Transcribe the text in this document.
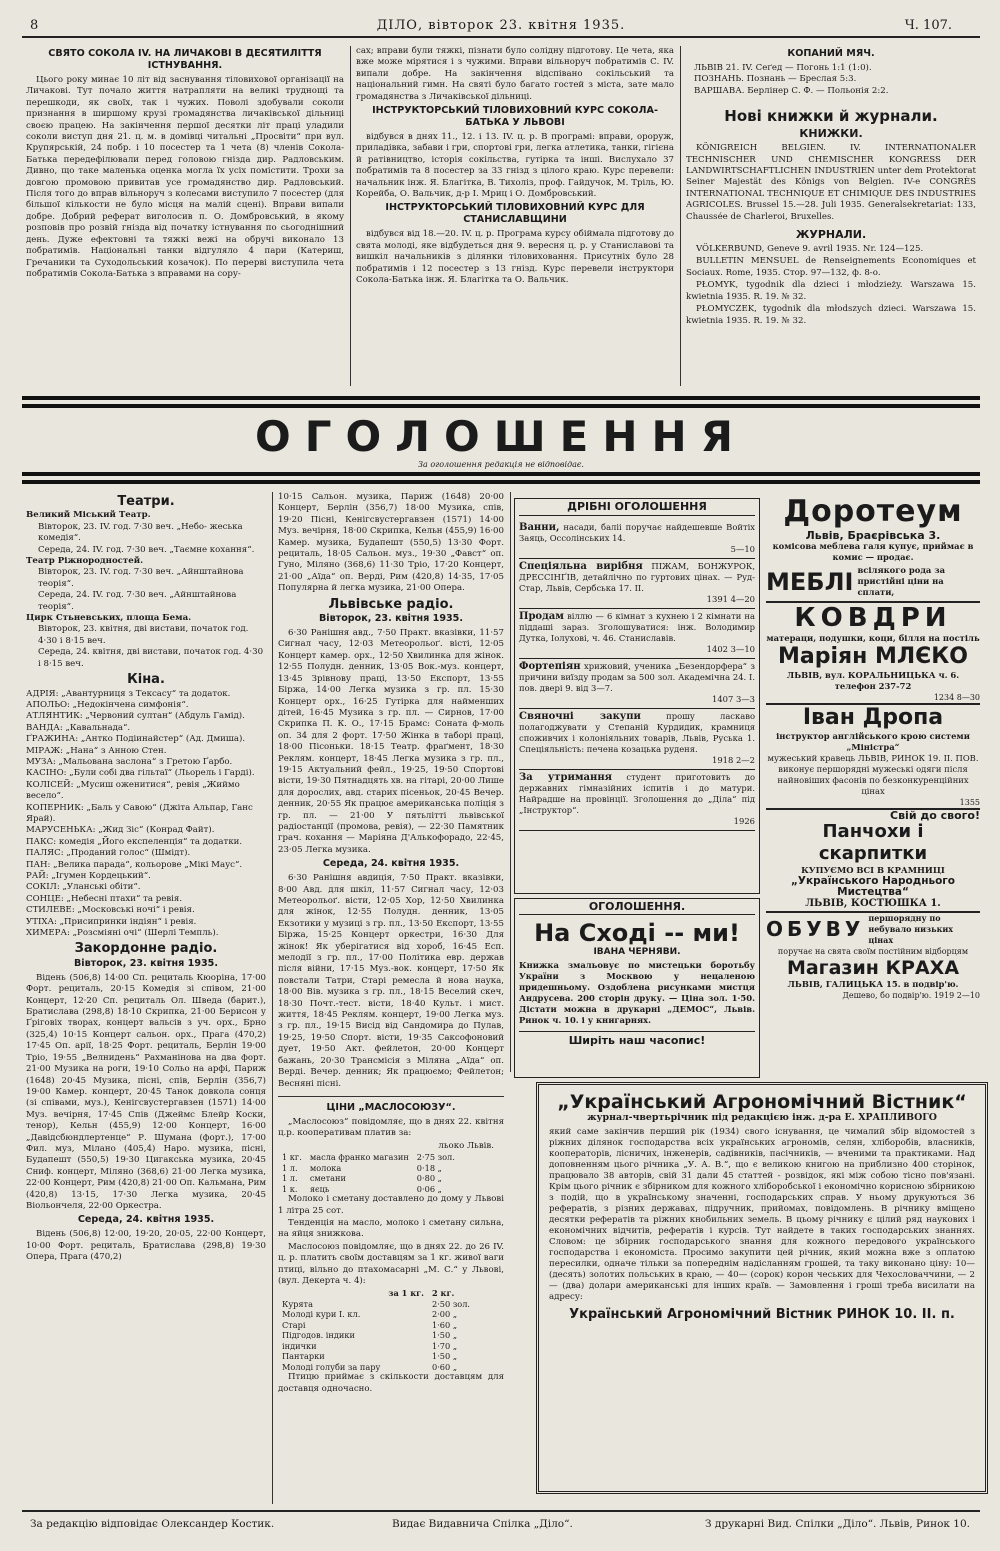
8	ДІЛО, вівторок 23. квітня 1935.	Ч. 107.
СВЯТО СОКОЛА IV. НА ЛИЧАКОВІ В ДЕСЯТИЛІТТЯ ІСТНУВАННЯ.

Цього року минає 10 літ від заснування тіловихової організації на Личакові. Тут почало життя натрапляти на великі труднощі та перешкоди, як своїх, так і чужих. Поволі здобували соколи признання в ширшому крузі громадянства личаківської дільниці своєю працею. На закінчення першої десятки літ праці уладили соколи виступ дня 21. ц. м. в домівці читальні „Просвіти“ при вул. Крупярській, 24 побр. і 10 посестер та 1 чета (8) членів Сокола-Батька передефілювали перед головою гнізда дир. Радловським. Дивно, що таке маленька оценка могла їх усіх помістити. Трохи за довгою промовою привитав усе громадянство дир. Радловський. Після того до вправ вільноруч з колесами виступило 7 посестер (для більшої кількости не було місця на малій сцені). Вправи випали добре. Добрий реферат виголосив п. О. Домбровський, в якому розповів про розвій гнізда від початку істнування по сьогоднішний день. Дуже ефектовні та тяжкі вежі на обручі виконало 13 побратимів. Національні танки відгуляло 4 пари (Катериш, Гречаники та Суходольський козачок). По перерві виступила чета побратимів Сокола-Батька з вправами на сору-

сах; вправи були тяжкі, пізнати було солідну підготову. Це чета, яка вже може мірятися і з чужими. Вправи вільноруч побратимів С. IV. випали добре. На закінчення відспівано сокільський та національний гимн. На святі було багато гостей з міста, зате мало громадянства з Личаківської дільниці.

ІНСТРУКТОРСЬКИЙ ТІЛОВИХОВНИЙ КУРС СОКОЛА-БАТЬКА У ЛЬВОВІ

відбувся в днях 11., 12. і 13. IV. ц. р. В програмі: вправи, ороруж, приладівка, забави і гри, спортові гри, легка атлетика, танки, гігієна й ратівництво, історія сокільства, гутірка та інші. Вислухало 37 побратимів та 8 посестер за 33 гнізд з цілого краю. Курс перевели: начальник інж. Я. Благітка, В. Тихоліз, проф. Гайдучок, М. Тріль, Ю. Корейба, О. Вальчик, д-р І. Мриц і О. Домбровський.

ІНСТРУКТОРСЬКИЙ ТІЛОВИХОВНИЙ КУРС ДЛЯ СТАНИСЛАВЩИНИ

відбувся від 18.—20. IV. ц. р. Програма курсу обіймала підготову до свята молоді, яке відбудеться дня 9. вересня ц. р. у Станиславові та вишкіл начальників з ділянки тіловиховання. Присутніх було 28 побратимів і 12 посестер з 13 гнізд. Курс перевели інструктори Сокола-Батька інж. Я. Благітка та О. Вальчик.

КОПАНИЙ МЯЧ.
ЛЬВІВ 21. IV. Сеґед — Погонь 1:1 (1:0).
ПОЗНАНЬ. Познань — Бреслая 5:3.
ВАРШАВА. Берлінер С. Ф. — Польонія 2:2.
Нові книжки й журнали.
КНИЖКИ.

KÖNIGREICH BELGIEN. IV. INTERNATIONALER TECHNISCHER UND CHEMISCHER KONGRESS DER LANDWIRTSCHAFTLICHEN INDUSTRIEN unter dem Protektorat Seiner Majestät des Königs von Belgien. IV-e CONGRÈS INTERNATIONAL TECHNIQUE ET CHIMIQUE DES INDUSTRIES AGRICOLES. Brussel 15.—28. Juli 1935. Generalsekretariat: 133, Chaussée de Charleroi, Bruxelles.

ЖУРНАЛИ.

VÖLKERBUND, Geneve 9. avril 1935. Nr. 124—125.

BULLETIN MENSUEL de Renseignements Economiques et Sociaux. Rome, 1935. Стор. 97—132, ф. 8-о.

PŁOMYK, tygodnik dla dzieci i młodzieży. Warszawa 15. kwietnia 1935. R. 19. № 32.

PŁOMYCZEK, tygodnik dla młodszych dzieci. Warszawa 15. kwietnia 1935. R. 19. № 32.

ОГОЛОШЕННЯ
За оголошення редакція не відповідає.
Театри.
Великий Міський Театр.
Вівторок, 23. IV. год. 7·30 веч. „Небо- жеська комедія“.
Середа, 24. IV. год. 7·30 веч. „Таємне кохання“.
Театр Ріжнородностей.
Вівторок, 23. IV. год. 7·30 веч. „Айнштайнова теорія“.
Середа, 24. IV. год. 7·30 веч. „Айнштайнова теорія“.
Цирк Стьневських, площа Бема.
Вівторок, 23. квітня, дві вистави, початок год. 4·30 і 8·15 веч.
Середа, 24. квітня, дві вистави, початок год. 4·30 і 8·15 веч.
Кіна.
АДРІЯ: „Авантурниця з Тексасу“ та додаток.
АПОЛЬО: „Недокінчена симфонія“.
АТЛЯНТИК: „Червоний султан“ (Абдуль Гамід).
ВАНДА: „Кавальнада“.
ҐРАЖИНА: „Антко Подіинайстер“ (Ад. Дмиша).
МІРАЖ: „Нана“ з Анною Стен.
МУЗА: „Мальована заслона“ з Гретою Ґарбо.
КАСІНО: „Були собі два гільтаї“ (Льорель і Гарді).
КОЛІСЕЙ: „Мусиш оженитися“, ревія „Жиймо весело“.
КОПЕРНИК: „Баль у Савою“ (Джіта Альпар, Ганс Ярай).
МАРУСЕНЬКА: „Жид Зіс“ (Конрад Файт).
ПАКС: комедія „Його експеленція“ та додатки.
ПАЛЯС: „Проданий голос“ (Шмідт).
ПАН: „Велика парада“, кольорове „Мікі Маус“.
РАЙ: „Ігумен Кордецький“.
СОКІЛ: „Уланські обіти“.
СОНЦЕ: „Небесні птахи“ та ревія.
СТИЛЕВЕ: „Московські ночі“ і ревія.
УТІХА: „Присипринки індіян“ і ревія.
ХИМЕРА: „Розсміяні очі“ (Шерлі Темпль).
Закордонне радіо.
Вівторок, 23. квітня 1935.

Відень (506,8) 14·00 Сп. рециталь Кюоріна, 17·00 Форт. рециталь, 20·15 Комедія зі співом, 21·00 Концерт, 12·20 Сп. рециталь Ол. Шведа (барит.), Братислава (298,8) 18·10 Скрипка, 21·00 Берисон у Ґріговіх творах, концерт вальсів з уч. орх., Брно (325,4) 10·15 Концерт сальон. орх., Прага (470,2) 17·45 Оп. арії, 18·25 Форт. рециталь, Берлін 19·00 Тріо, 19·55 „Велнидень“ Рахманінова на два форт. 21·00 Музика на роги, 19·10 Сольо на арфі, Париж (1648) 20·45 Музика, пісні, спів, Берлін (356,7) 19·00 Камер. концерт, 20·45 Танок довкола сонця (зі співами, муз.), Кенігсвустергавзен (1571) 14·00 Муз. вечірня, 17·45 Спів (Джеймс Блейр Коски, тенор), Кельн (455,9) 12·00 Концерт, 16·00 „Давідсбюндлертенце“ Р. Шумана (форт.), 17·00 Фил. муз, Мілано (405,4) Наро. музика, пісні, Будапешт (550,5) 19·30 Цигакська музика, 20·45 Сниф. концерт, Міляно (368,6) 21·00 Легка музика, 22·00 Концерт, Рим (420,8) 21·00 Оп. Кальмана, Рим (420,8) 13·15, 17·30 Легка музика, 20·45 Віольончеля, 22·00 Оркестра.

Середа, 24. квітня 1935.

Відень (506,8) 12·00, 19·20, 20·05, 22·00 Концерт, 10·00 Форт. рециталь, Братислава (298,8) 19·30 Опера, Прага (470,2)

10·15 Сальон. музика, Париж (1648) 20·00 Концерт, Берлін (356,7) 18·00 Музика, спів, 19·20 Пісні, Кенігсвустергавзен (1571) 14·00 Муз. вечірня, 18·00 Скрипка, Кельн (455,9) 16·00 Камер. музика, Будапешт (550,5) 13·30 Форт. рециталь, 18·05 Сальон. муз., 19·30 „Фавст“ оп. Гуно, Міляно (368,6) 11·30 Тріо, 17·20 Концерт, 21·00 „Аїда“ оп. Верді, Рим (420,8) 14·35, 17·05 Популярна й легка музика, 21·00 Опера.

Львівське радіо.
Вівторок, 23. квітня 1935.

6·30 Ранішня авд., 7·50 Практ. вказівки, 11·57 Сигнал часу, 12·03 Метеорольоґ. вісті, 12·05 Концерт камер. орх., 12·50 Хвилинка для жінок. 12·55 Полудн. денник, 13·05 Вок.-муз. концерт, 13·45 Зрівнову праці, 13·50 Експорт, 13·55 Біржа, 14·00 Легка музика з гр. пл. 15·30 Концерт орх., 16·25 Гутірка для найменших дітей, 16·45 Музика з гр. пл. — Сирнов, 17·00 Скрипка П. К. О., 17·15 Брамс: Соната ф-моль оп. 34 для 2 форт. 17·50 Жінка в таборі праці, 18·00 Пісоньки. 18·15 Театр. фраґмент, 18·30 Реклям. концерт, 18·45 Легка музика з гр. пл., 19·15 Актуальний фейл., 19·25, 19·50 Спортові вісти, 19·30 Пятнадцять хв. на гітарі, 20·00 Лише для дорослих, авд. старих пісеньок, 20·45 Вечер. денник, 20·55 Як працює американська поліція з гр. пл. — 21·00 У пятьлітті львівської радіостанції (промова, ревія), — 22·30 Памятник грач. кохання — Маріяна Д'Алькофорадо, 22·45, 23·05 Легка музика.

Середа, 24. квітня 1935.

6·30 Ранішня авдиція, 7·50 Практ. вказівки, 8·00 Авд. для шкіл, 11·57 Сигнал часу, 12·03 Метеорольоґ. вісти, 12·05 Хор, 12·50 Хвилинка для жінок, 12·55 Полудн. денник, 13·05 Екзотики у музиці з гр. пл., 13·50 Експорт, 13·55 Біржа, 15·25 Концерт оркестри, 16·30 Для жінок! Як уберігатися від хороб, 16·45 Есп. мелодії з гр. пл., 17·00 Політика евр. держав після війни, 17·15 Муз.-вок. концерт, 17·50 Як повстали Татри, Старі ремесла й нова наука, 18·00 Вів. музика з гр. пл., 18·15 Веселий скеч, 18·30 Почт.-тест. вісти, 18·40 Культ. і мист. життя, 18·45 Реклям. концерт, 19·00 Легка муз. з гр. пл., 19·15 Висід від Сандомира до Пулав, 19·25, 19·50 Спорт. вісти, 19·35 Саксофоновий дует, 19·50 Акт. фейлетон, 20·00 Концерт бажань, 20·30 Трансмісія з Міляна „Аїда“ оп. Верді. Вечер. денник; Як працюємо; Фейлетон; Весняні пісні.

ЦІНИ „МАСЛОСОЮЗУ“.

„Маслосоюз“ повідомляє, що в днях 22. квітня ц.р. кооперативам платив за:

льокo Львів.
1 кг.	масла франко магазин	2·75 зол.
1 л.	молока	0·18 „
1 л.	сметани	0·80 „
1 к.	яєць	0·06 „

Молоко і сметану доставлено до дому у Львові 1 літра 25 сот.

Тенденція на масло, молоко і сметану сильна, на яйця знижкова.

Маслосоюз повідомляє, що в днях 22. до 26 IV. ц. р. платить своїм доставцям за 1 кг. живої ваги птиці, вільно до птахомасарні „М. С.“ у Львові, (вул. Декерта ч. 4):

	за 1 кг.	2 кг.
Курята		2·50 зол.
Молоді кури І. кл.		2·00 „
Старі		1·60 „
Підгодов. індики		1·50 „
індички		1·70 „
Пантарки		1·50 „
Молоді голуби за пару		0·60 „

Птицю приймає з скількости доставцям для доставця одночасно.

ДРІБНІ ОГОЛОШЕННЯ
Ванни, насади, баліі поручає найдешевше Войтіх Заяць, Оссолінських 14.
5—10
Спеціяльна вирібня ПІЖАМ, БОНЖУРОК, ДРЕССІНҐІВ, детайлічно по гуртових цінах. — Руд-Стар, Львів, Сербська 17. ІІ.
1391 4—20
Продам віллю — 6 кімнат з кухнею і 2 кімнати на піддаші зараз. Зголошуватися: інж. Володимир Дутка, Іолухові, ч. 46. Станиславів.
1402 3—10
Фортепіян хрижовий, ученика „Безендорфера“ з причини виїзду продам за 500 зол. Академічна 24. І. пов. двері 9. від 3—7.
1407 3—3
Свяночні закупи	прошу ласкаво полагоджувати у Степаній Курдидик, крамниця споживчих і колоніяльних товарів, Львів, Руська 1. Спеціяльність: печена козацька руденя.
1918 2—2
За утримання студент приготовить до державних гімназійних іспитів і до матури. Найрадше на провінції. Зголошення до „Діла“ під „Інструктор“.
1926
ОГОЛОШЕННЯ.
На Сході -- ми!
ІВАНА ЧЕРНЯВИ.
Книжка змальовує по мистецьки боротьбу України з Москвою у нецаленою придешньому. Оздоблена рисунками мистця Андрусева. 200 сторін друку. — Ціна зол. 1·50. Дістати можна в друкарні „ДЕМОС“, Львів. Ринок ч. 10. і у книгарнях.
Ширіть наш часопис!
Доротеум
Львів, Браєрівська 3.
комісова меблева галя купує, приймає в комис — продає.
МЕБЛІ всілякого рода за пристійні ціни на сплати,
КОВДРИ
матераци, подушки, коци, білля на постіль
Маріян МЛЄКО
ЛЬВІВ, вул. КОРАЛЬНИЦЬКА ч. 6. телефон 237-72
1234 8—30
Іван Дропа
інструктор англійського крою системи „Міністра“
мужеський кравець ЛЬВІВ, РИНОК 19. II. ПОВ. виконує першорядні мужеські одяги після найновіших фасонів по безконкуренційних цінах
1355
Свій до свого!
Панчохи і скарпитки
КУПУЄМО ВСІ В КРАМНИЦІ
„Українського Народнього Мистецтва“
ЛЬВІВ, КОСТЮШКА 1.
ОБУВУ першорядну по небувало низьких цінах
поручає на свята своїм постійним відборцям
Магазин КРАХА
ЛЬВІВ, ГАЛИЦЬКА 15. в подвір'ю.
Дешево, бо подвір'ю. 1919 2—10
„Український Агрономічний Вістник“
журнал-чвертьрічник під редакцією інж. д-ра Е. ХРАПЛИВОГО
який саме закінчив перший рік (1934) свого існування, це чималий збір відомостей з ріжних ділянок господарства всіх українських агрономів, селян, хліборобів, власників, кооператорів, лісничих, інженерів, садівників, пасічників, — вченими та практиками. Над доповненням цього річника „У. А. В.“, що є великою книгою на приблизно 400 сторінок, працювало 38 авторів, свій 31 дали 45 статтей - розвідок, які між собою тісно пов'язані. Крім цього річник є збірником для кожного хліборобської і економічно корисною збірникою з подій, що в українському значенні, господарських справ. У ньому друкуються 36 рефератів, з різних державах, підручник, прийомах, повідомлень. В річнику вміщено десятки рефератів та ріжних кнобильних земель. В цьому річнику є цілий ряд наукових і економічних відчитів, рефератів і курсів. Тут найдете в таких господарських знаннях. Словом: це збірник господарського знання для кожного передового українського господарства і економіста. Просимо закупити цей річник, який можна вже з оплатою пересилки, одначе тільки за попереднім надісланням грошей, та таку виконано ціну: 10— (десять) золотих польських в краю, — 40— (сорок) корон чеських для Чехословаччини, — 2— (два) долари американські для інших країв. — Замовлення і гроші треба висилати на адресу:
Український Агрономічний Вістник РИНОК 10. II. п.
За редакцію відповідає Олександер Костик.	Видає Видавнича Спілка „Діло“.	З друкарні Вид. Спілки „Діло“. Львів, Ринок 10.
